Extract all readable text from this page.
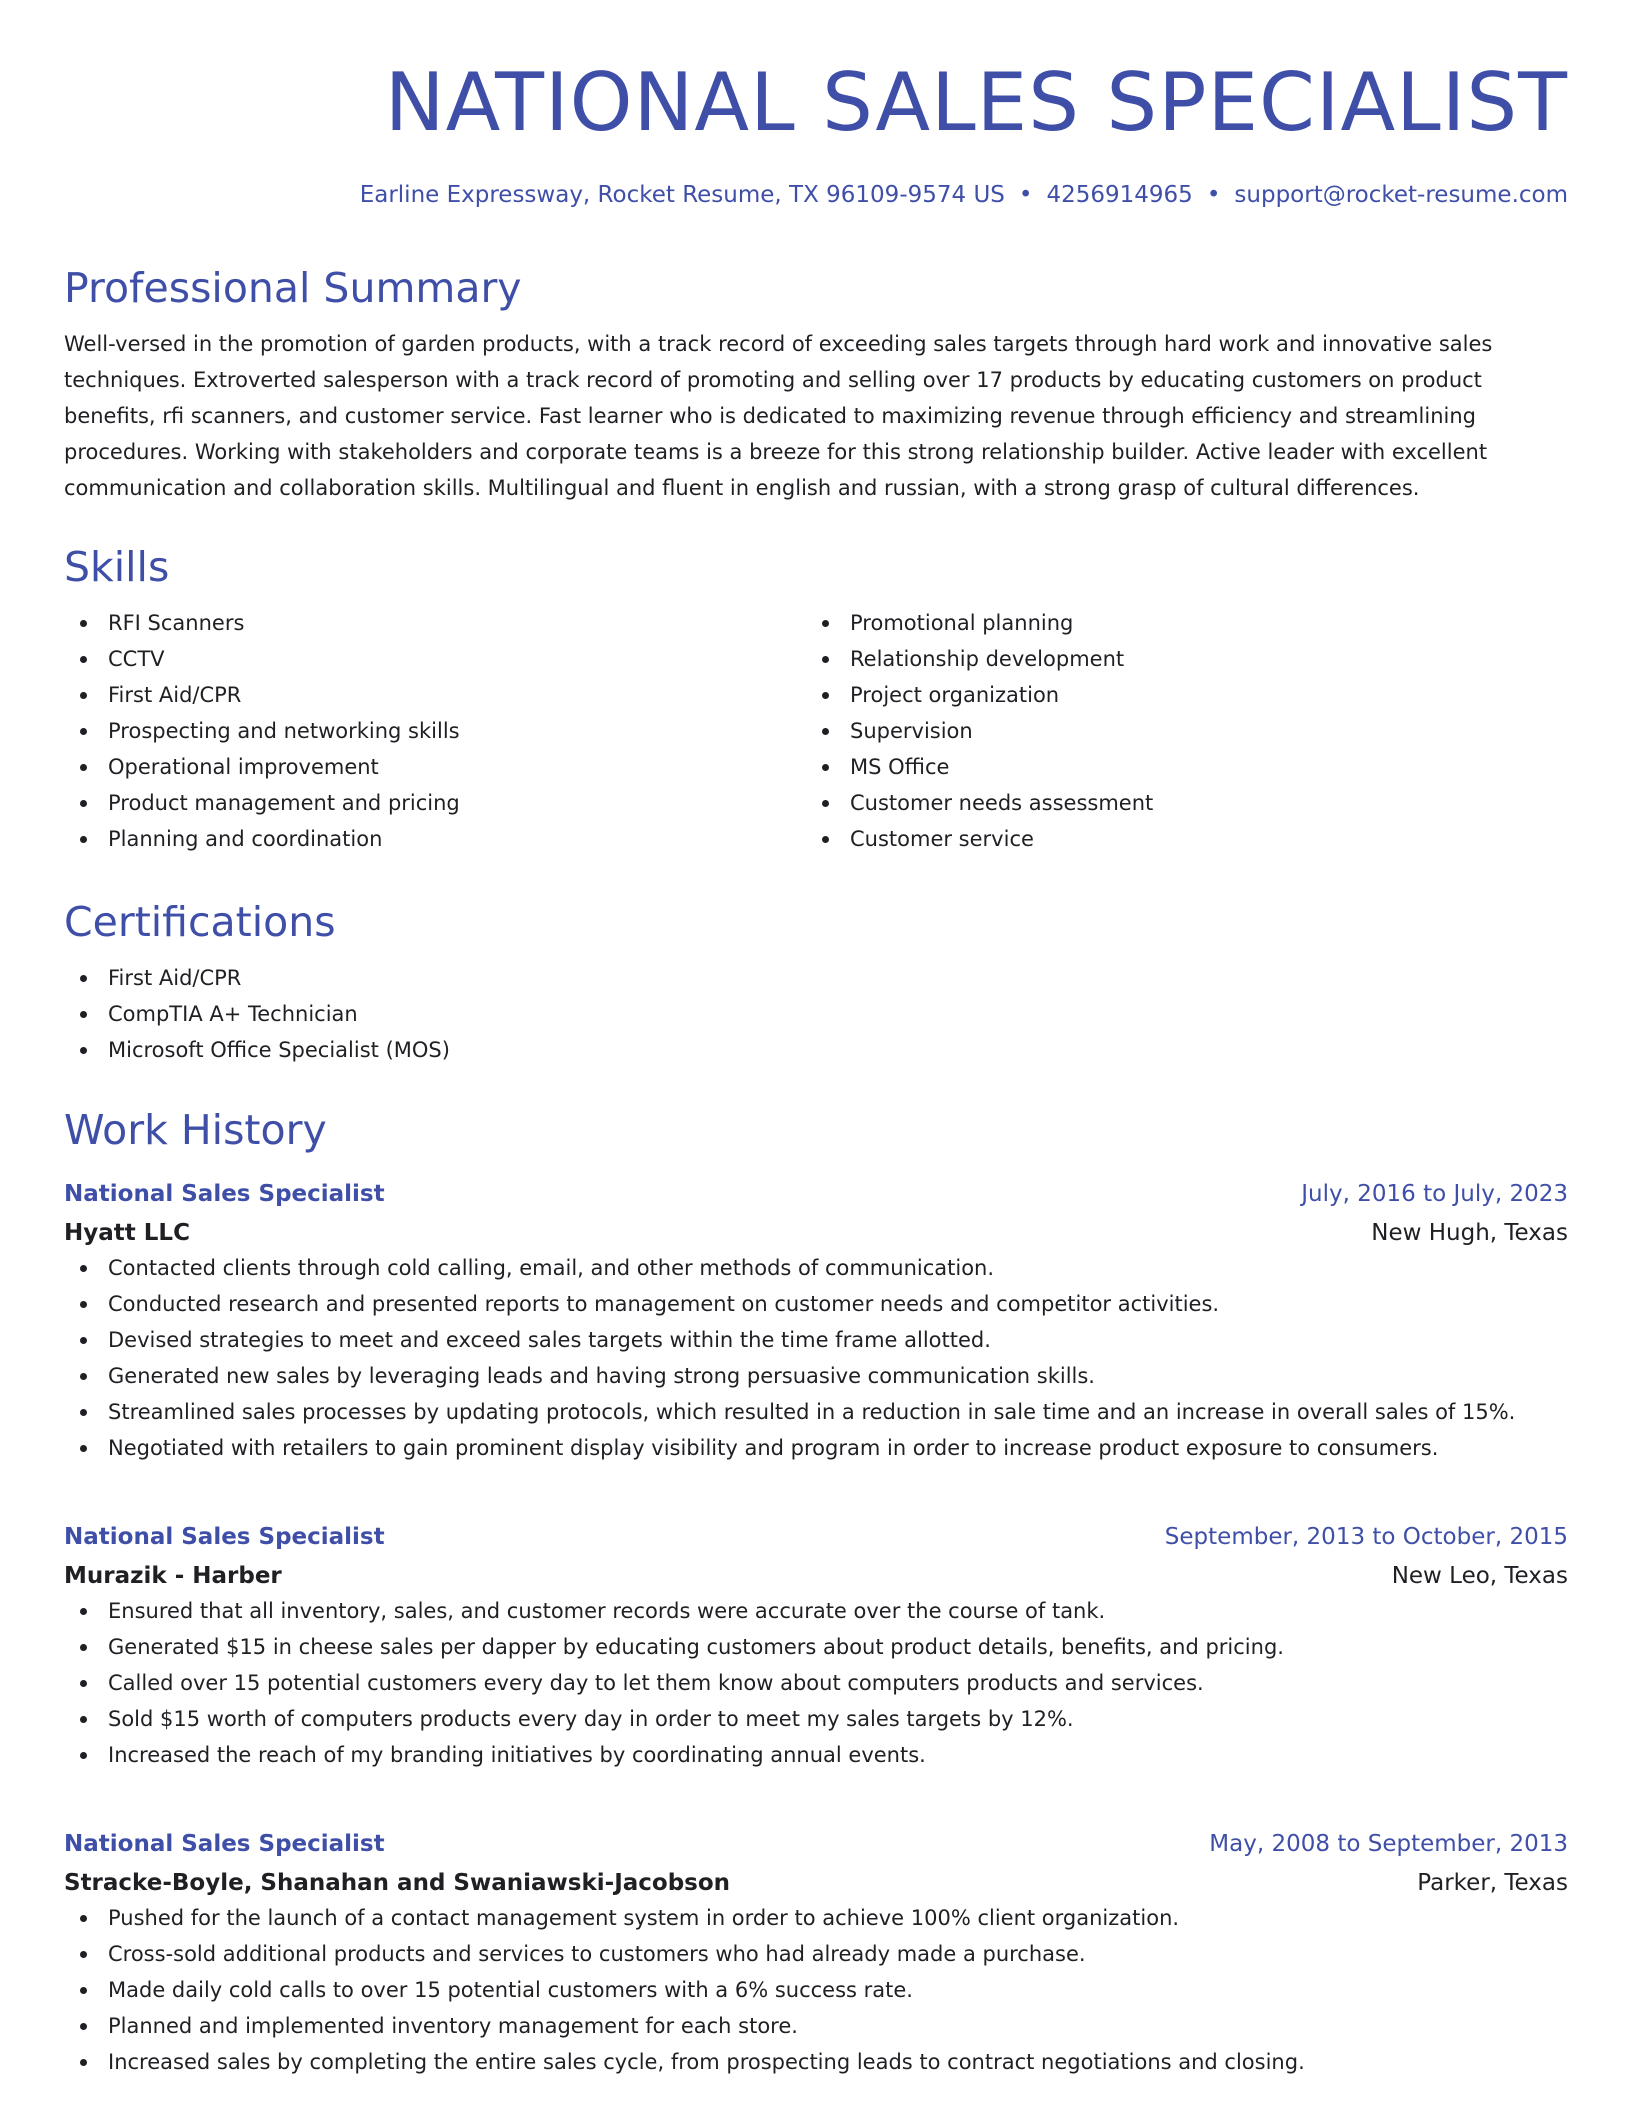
NATIONAL SALES SPECIALIST
Earline Expressway, Rocket Resume, TX 96109-9574 US • 4256914965 • support@rocket-resume.com
Professional Summary

Well-versed in the promotion of garden products, with a track record of exceeding sales targets through hard work and innovative sales techniques. Extroverted salesperson with a track record of promoting and selling over 17 products by educating customers on product benefits, rfi scanners, and customer service. Fast learner who is dedicated to maximizing revenue through efficiency and streamlining procedures. Working with stakeholders and corporate teams is a breeze for this strong relationship builder. Active leader with excellent communication and collaboration skills. Multilingual and fluent in english and russian, with a strong grasp of cultural differences.

Skills
RFI Scanners
CCTV
First Aid/CPR
Prospecting and networking skills
Operational improvement
Product management and pricing
Planning and coordination
Promotional planning
Relationship development
Project organization
Supervision
MS Office
Customer needs assessment
Customer service
Certifications
First Aid/CPR
CompTIA A+ Technician
Microsoft Office Specialist (MOS)
Work History
National Sales Specialist	July, 2016 to July, 2023
Hyatt LLC	New Hugh, Texas
Contacted clients through cold calling, email, and other methods of communication.
Conducted research and presented reports to management on customer needs and competitor activities.
Devised strategies to meet and exceed sales targets within the time frame allotted.
Generated new sales by leveraging leads and having strong persuasive communication skills.
Streamlined sales processes by updating protocols, which resulted in a reduction in sale time and an increase in overall sales of 15%.
Negotiated with retailers to gain prominent display visibility and program in order to increase product exposure to consumers.
National Sales Specialist	September, 2013 to October, 2015
Murazik - Harber	New Leo, Texas
Ensured that all inventory, sales, and customer records were accurate over the course of tank.
Generated $15 in cheese sales per dapper by educating customers about product details, benefits, and pricing.
Called over 15 potential customers every day to let them know about computers products and services.
Sold $15 worth of computers products every day in order to meet my sales targets by 12%.
Increased the reach of my branding initiatives by coordinating annual events.
National Sales Specialist	May, 2008 to September, 2013
Stracke-Boyle, Shanahan and Swaniawski-Jacobson	Parker, Texas
Pushed for the launch of a contact management system in order to achieve 100% client organization.
Cross-sold additional products and services to customers who had already made a purchase.
Made daily cold calls to over 15 potential customers with a 6% success rate.
Planned and implemented inventory management for each store.
Increased sales by completing the entire sales cycle, from prospecting leads to contract negotiations and closing.
